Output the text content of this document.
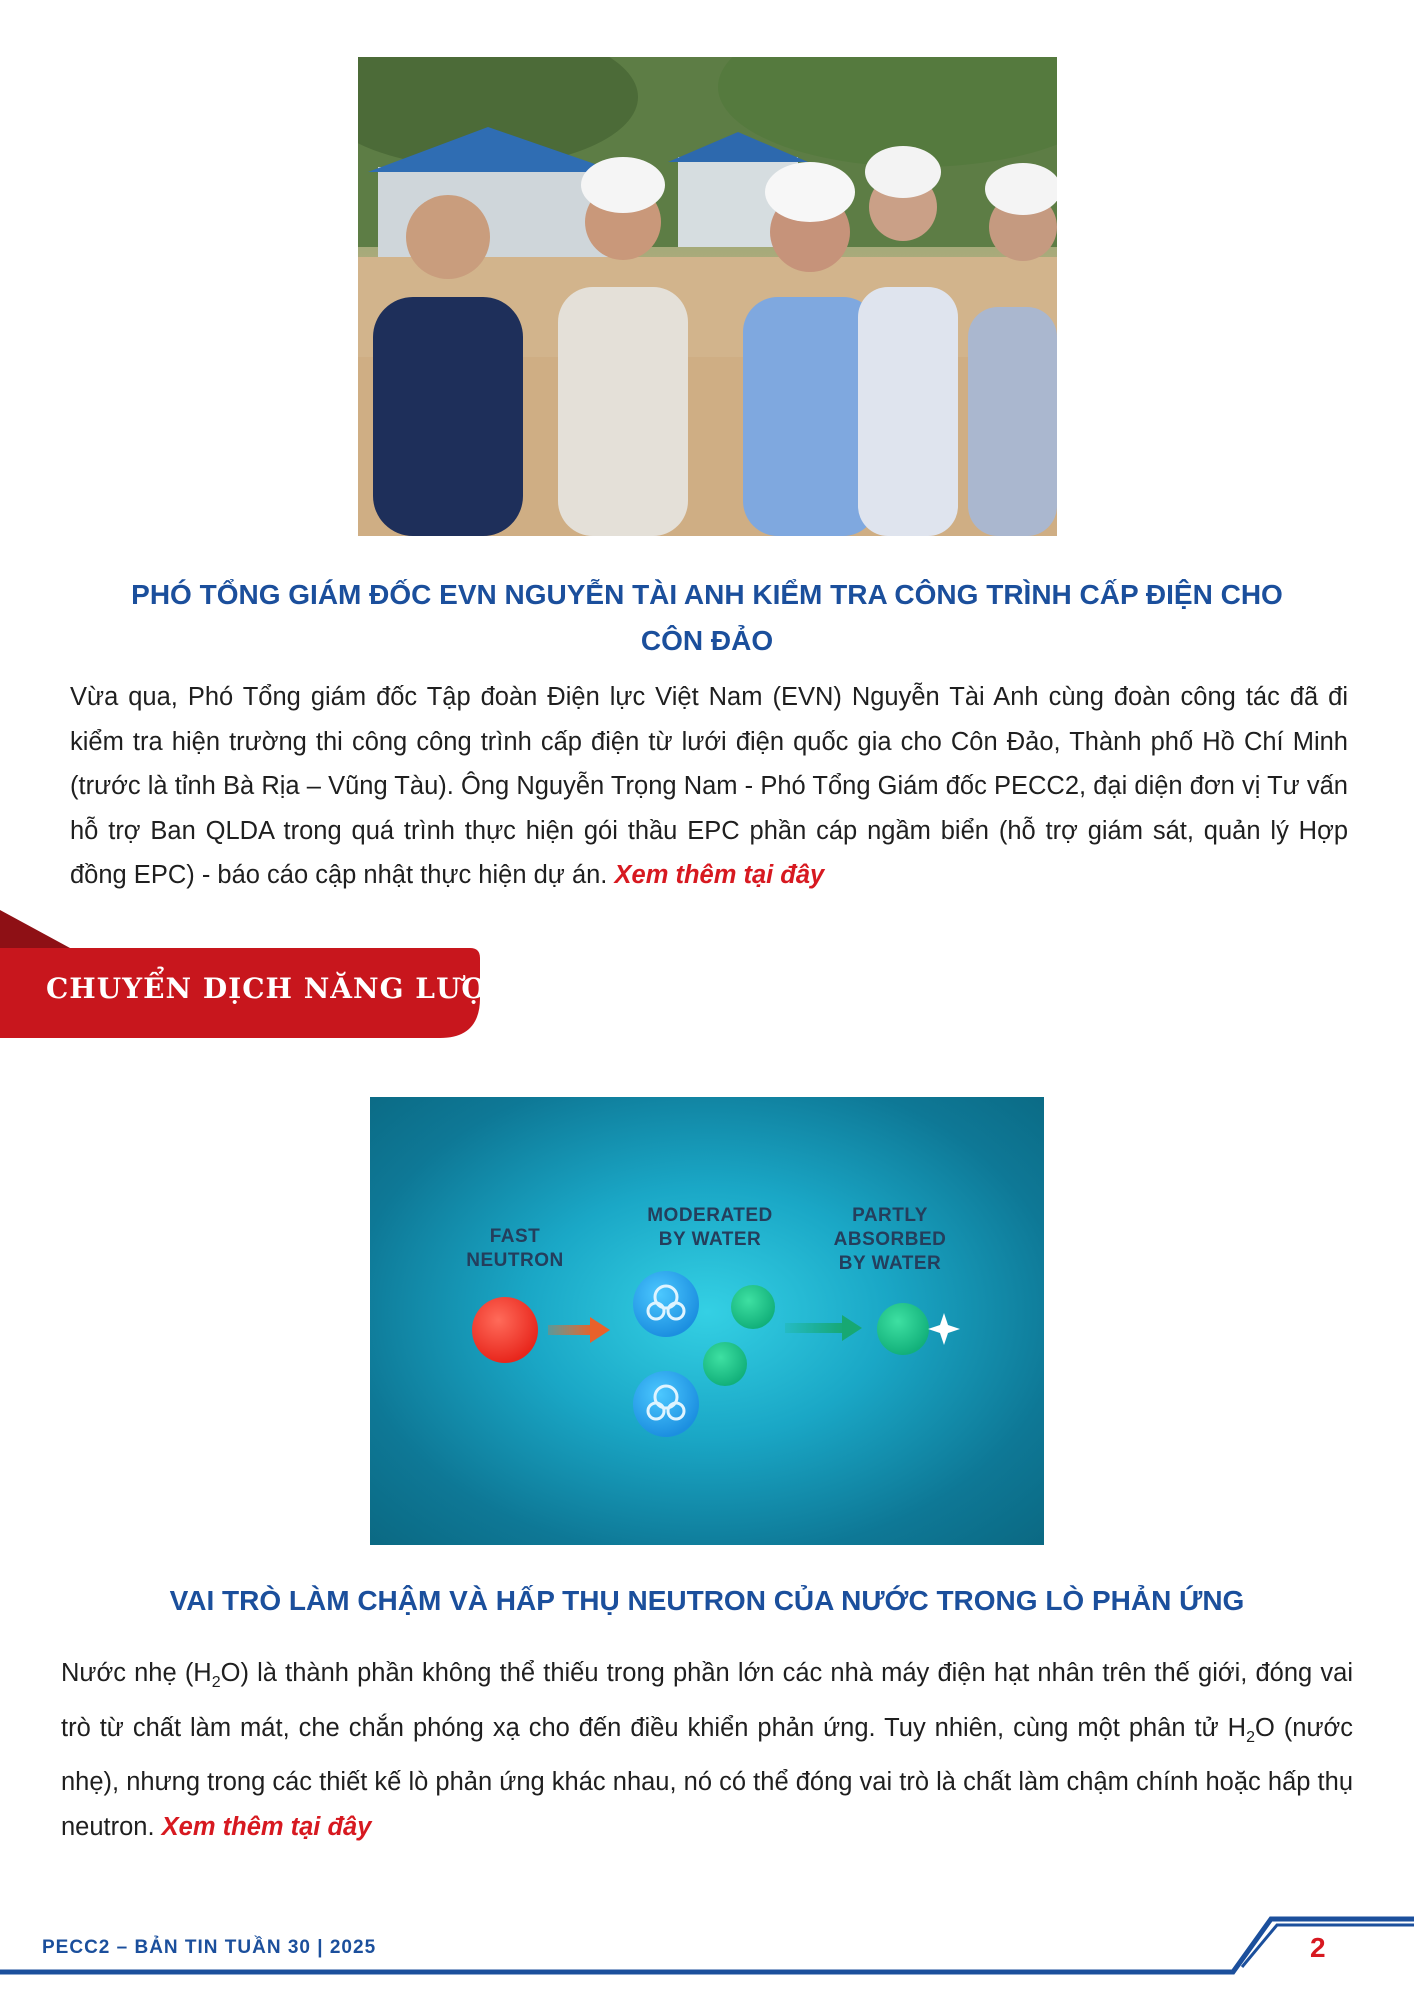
PHÓ TỔNG GIÁM ĐỐC EVN NGUYỄN TÀI ANH KIỂM TRA CÔNG TRÌNH CẤP ĐIỆN CHO
CÔN ĐẢO
Vừa qua, Phó Tổng giám đốc Tập đoàn Điện lực Việt Nam (EVN) Nguyễn Tài Anh cùng đoàn công tác đã đi kiểm tra hiện trường thi công công trình cấp điện từ lưới điện quốc gia cho Côn Đảo, Thành phố Hồ Chí Minh (trước là tỉnh Bà Rịa – Vũng Tàu). Ông Nguyễn Trọng Nam - Phó Tổng Giám đốc PECC2, đại diện đơn vị Tư vấn hỗ trợ Ban QLDA trong quá trình thực hiện gói thầu EPC phần cáp ngầm biển (hỗ trợ giám sát, quản lý Hợp đồng EPC) - báo cáo cập nhật thực hiện dự án. Xem thêm tại đây
CHUYỂN DỊCH NĂNG LƯỢNG
FAST
NEUTRON
MODERATED
BY WATER
PARTLY
ABSORBED
BY WATER
VAI TRÒ LÀM CHẬM VÀ HẤP THỤ NEUTRON CỦA NƯỚC TRONG LÒ PHẢN ỨNG
Nước nhẹ $(H_2O)$ là thành phần không thể thiếu trong phần lớn các nhà máy điện hạt nhân trên thế giới, đóng vai trò từ chất làm mát, che chắn phóng xạ cho đến điều khiển phản ứng. Tuy nhiên, cùng một phân tử $H_2O$ (nước nhẹ), nhưng trong các thiết kế lò phản ứng khác nhau, nó có thể đóng vai trò là chất làm chậm chính hoặc hấp thụ neutron. Xem thêm tại đây
PECC2 – BẢN TIN TUẦN 30 | 2025	2
